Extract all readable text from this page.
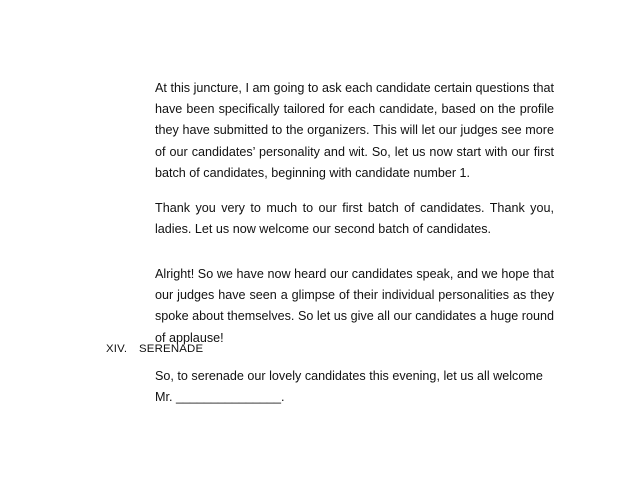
At this juncture, I am going to ask each candidate certain questions that have been specifically tailored for each candidate, based on the profile they have submitted to the organizers. This will let our judges see more of our candidates’ personality and wit. So, let us now start with our first batch of candidates, beginning with candidate number 1.
Thank you very to much to our first batch of candidates. Thank you, ladies. Let us now welcome our second batch of candidates.
Alright! So we have now heard our candidates speak, and we hope that our judges have seen a glimpse of their individual personalities as they spoke about themselves. So let us give all our candidates a huge round of applause!
XIV. SERENADE
So, to serenade our lovely candidates this evening, let us all welcome Mr. _______________.
